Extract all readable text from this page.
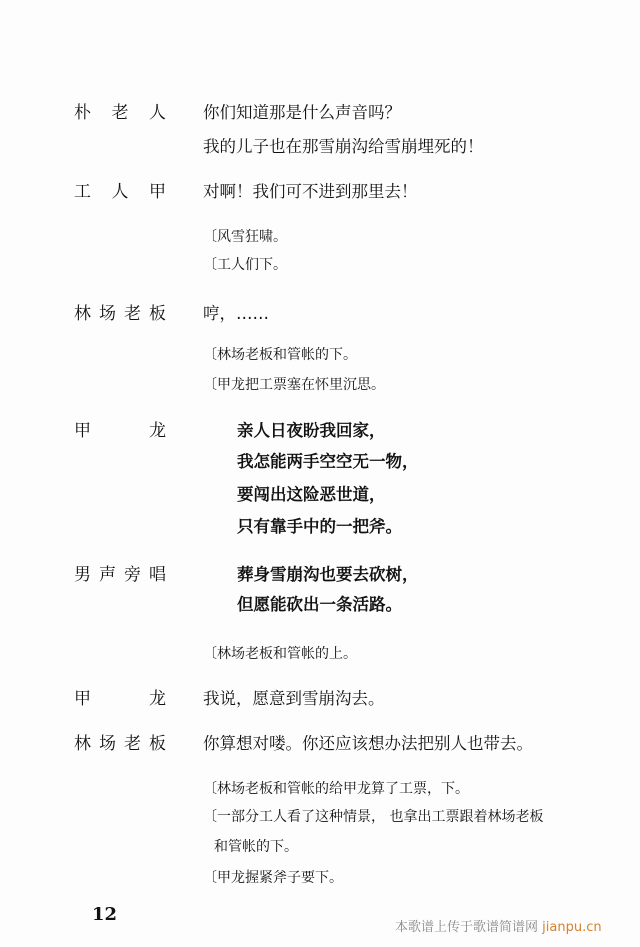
朴老人 你们知道那是什么声音吗？
我的儿子也在那雪崩沟给雪崩埋死的！
工人甲 对啊！我们可不进到那里去！
〔风雪狂啸。
〔工人们下。
林场老板 哼，……
〔林场老板和管帐的下。
〔甲龙把工票塞在怀里沉思。
甲龙	亲人日夜盼我回家，
我怎能两手空空无一物，
要闯出这险恶世道，
只有靠手中的一把斧。
男声旁唱	葬身雪崩沟也要去砍树，
但愿能砍出一条活路。
〔林场老板和管帐的上。
甲龙 我说，愿意到雪崩沟去。
林场老板 你算想对喽。你还应该想办法把别人也带去。
〔林场老板和管帐的给甲龙算了工票，下。
〔一部分工人看了这种情景， 也拿出工票跟着林场老板
和管帐的下。
〔甲龙握紧斧子要下。
12
本歌谱上传于歌谱简谱网 jianpu.cn
